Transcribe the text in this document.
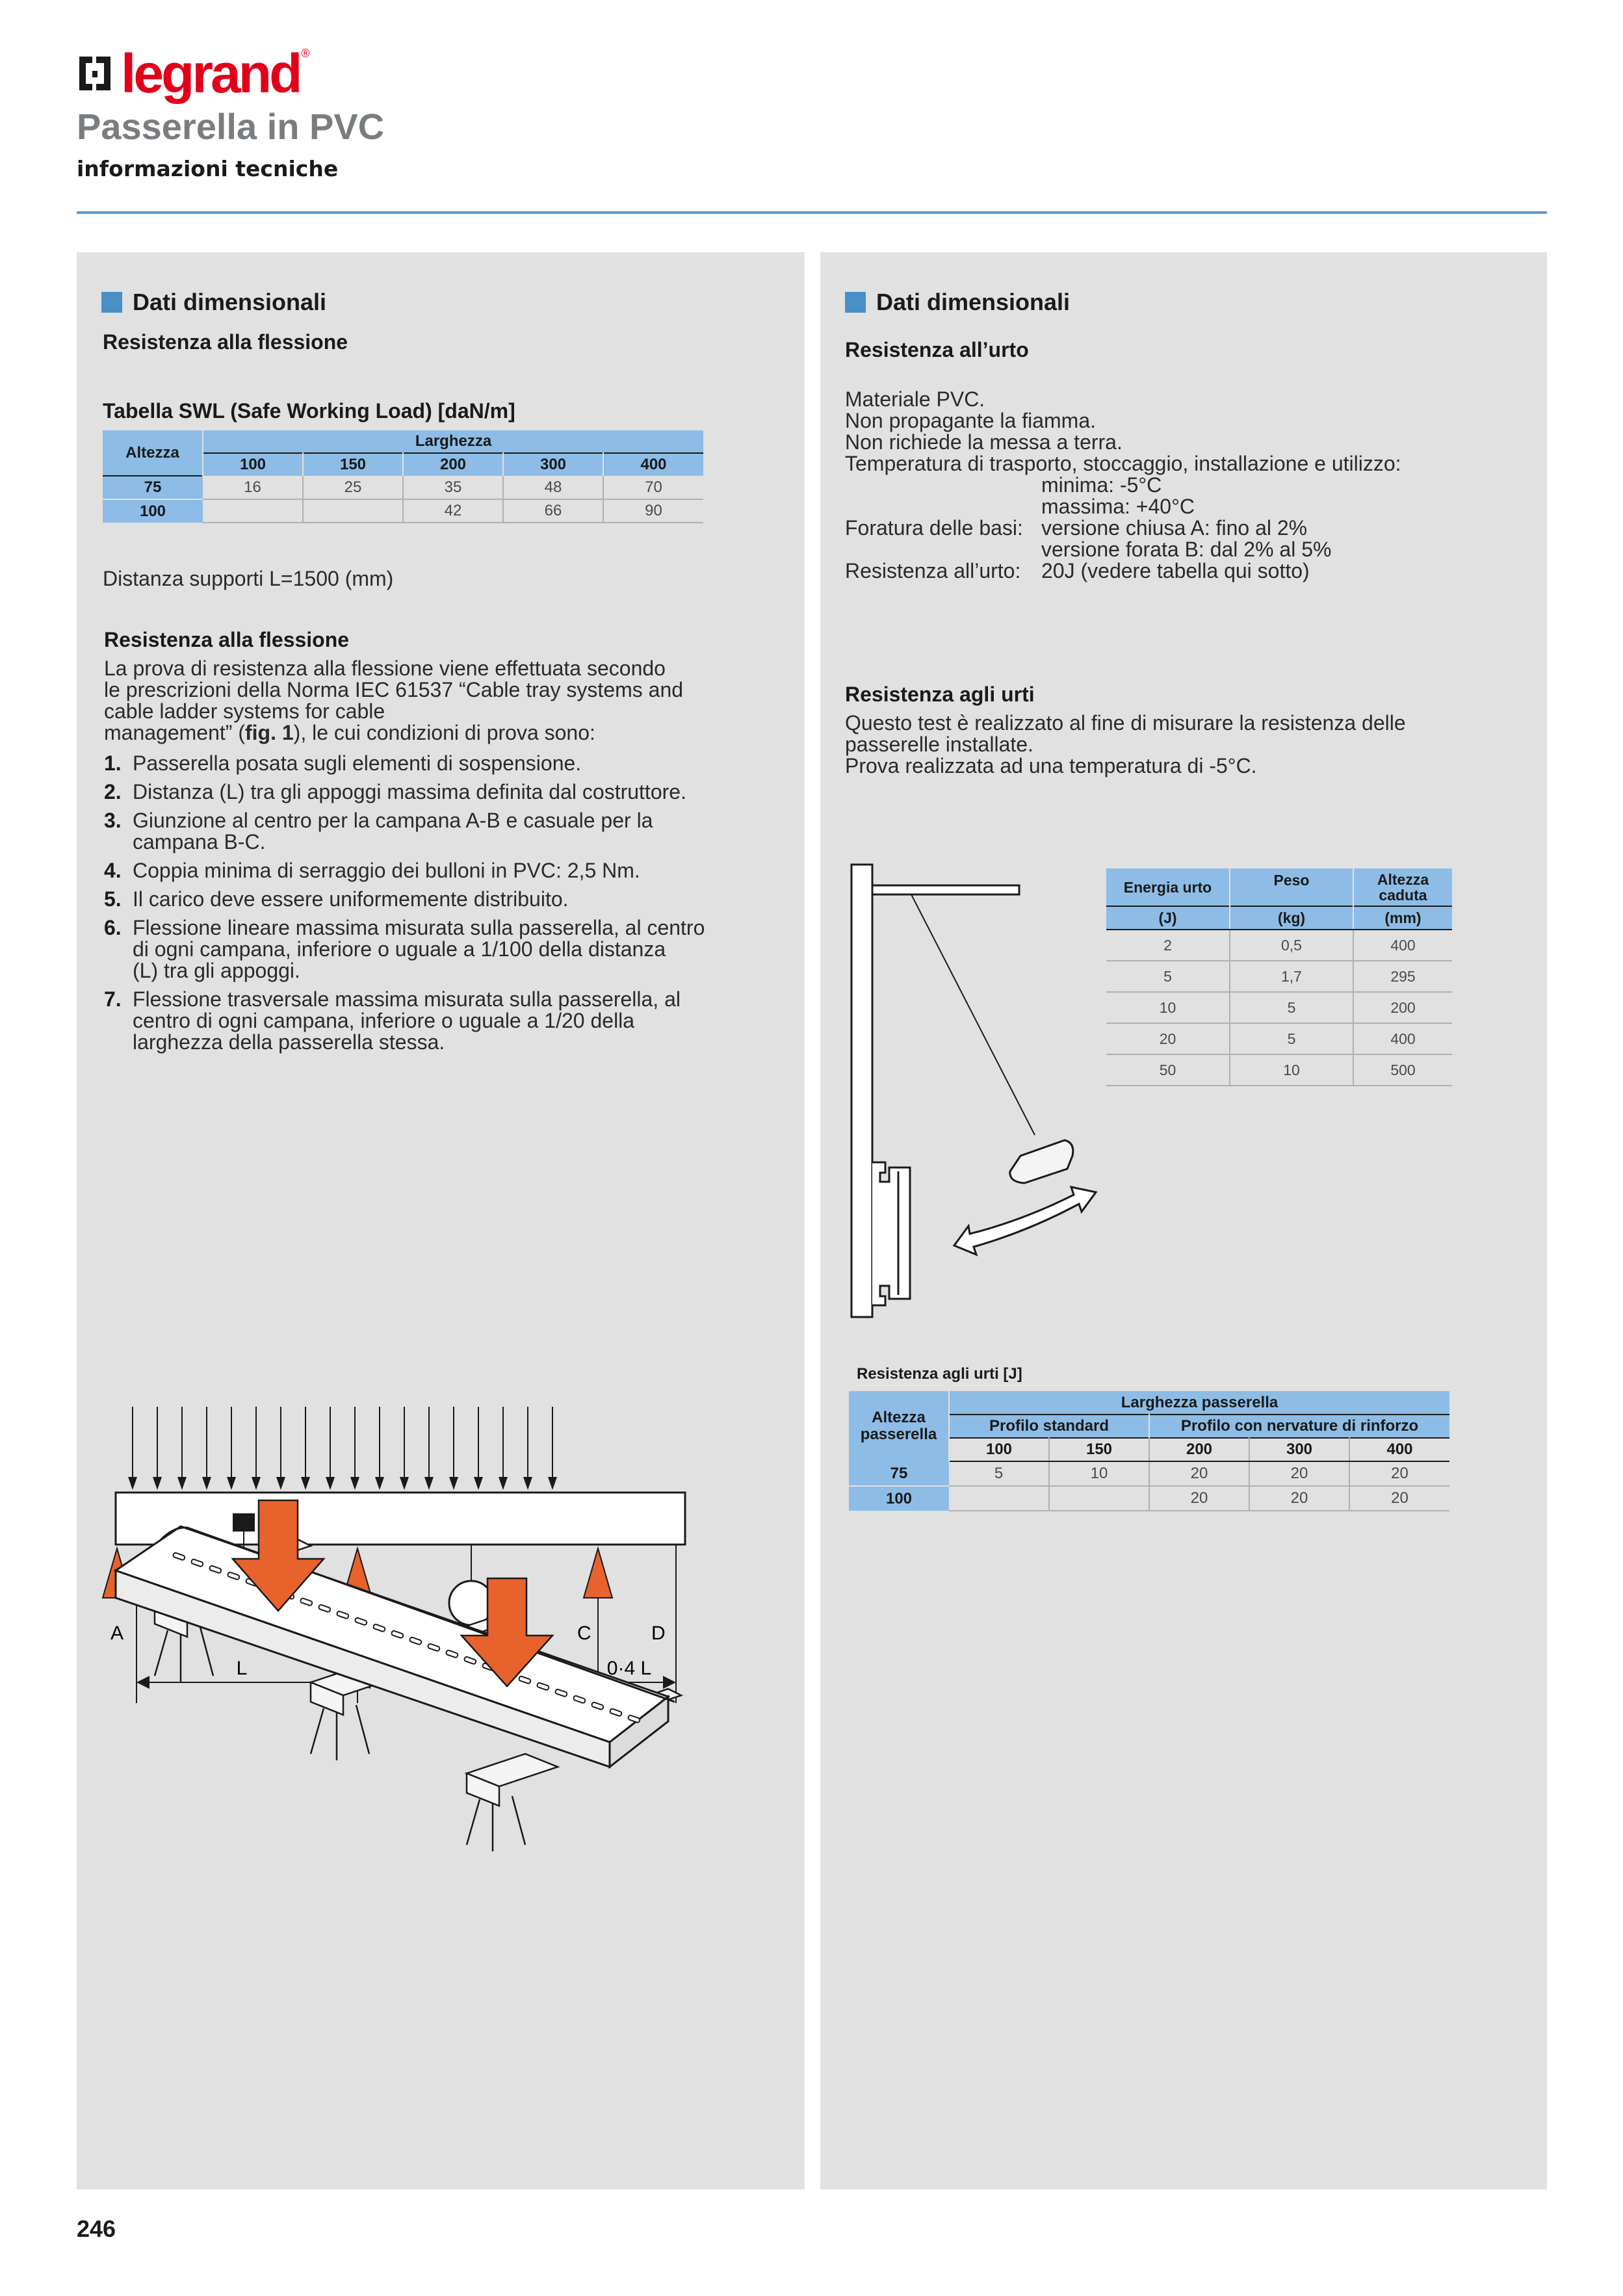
legrand ®
Passerella in PVC
informazioni tecniche
Dati dimensionali
Resistenza alla flessione
Tabella SWL (Safe Working Load) [daN/m]
Altezza	Larghezza				
	100	150	200	300	400
75	16	25	35	48	70
100			42	66	90
Distanza supporti L=1500 (mm)
Resistenza alla flessione
La prova di resistenza alla flessione viene effettuata secondo
le prescrizioni della Norma IEC 61537 “Cable tray systems and
cable ladder systems for cable
management” (fig. 1), le cui condizioni di prova sono:
1. Passerella posata sugli elementi di sospensione.
2. Distanza (L) tra gli appoggi massima definita dal costruttore.
3. Giunzione al centro per la campana A-B e casuale per la
campana B-C.
4. Coppia minima di serraggio dei bulloni in PVC: 2,5 Nm.
5. Il carico deve essere uniformemente distribuito.
6. Flessione lineare massima misurata sulla passerella, al centro
di ogni campana, inferiore o uguale a 1/100 della distanza
(L) tra gli appoggi.
7. Flessione trasversale massima misurata sulla passerella, al
centro di ogni campana, inferiore o uguale a 1/20 della
larghezza della passerella stessa.
A	C	D
L	0·4 L
Dati dimensionali
Resistenza all’urto
Materiale PVC.
Non propagante la fiamma.
Non richiede la messa a terra.
Temperatura di trasporto, stoccaggio, installazione e utilizzo:
minima: -5°C
massima: +40°C
Foratura delle basi: versione chiusa A: fino al 2%
versione forata B: dal 2% al 5%
Resistenza all’urto: 20J (vedere tabella qui sotto)
Resistenza agli urti
Questo test è realizzato al fine di misurare la resistenza delle
passerelle installate.
Prova realizzata ad una temperatura di -5°C.
Energia urto	Peso	Altezza caduta
(J)	(kg)	(mm)
2	0,5	400
5	1,7	295
10	5	200
20	5	400
50	10	500
Resistenza agli urti [J]
Altezza passerella	Larghezza passerella				
	Profilo standard		Profilo con nervature di rinforzo		
	100	150	200	300	400
75	5	10	20	20	20
100			20	20	20
246
